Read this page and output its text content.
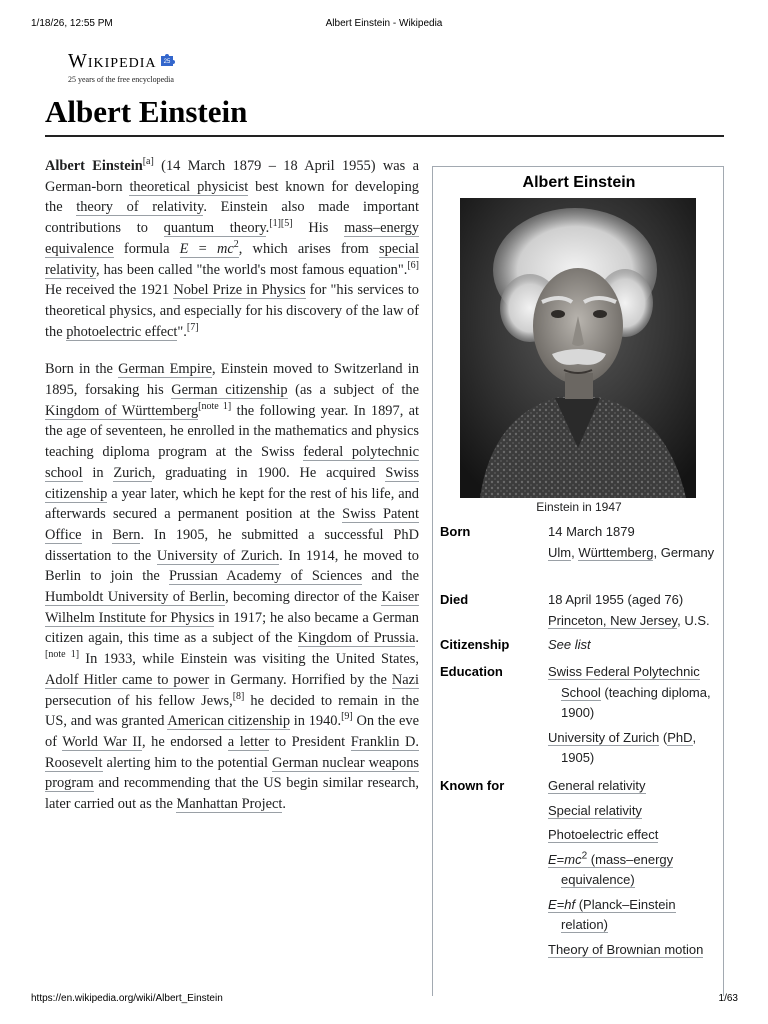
1/18/26, 12:55 PM	Albert Einstein - Wikipedia
Wikipedia 25
25 years of the free encyclopedia
Albert Einstein

Albert Einstein[a] (14 March 1879 – 18 April 1955) was a German-born theoretical physicist best known for developing the theory of relativity. Einstein also made important contributions to quantum theory.[1][5] His mass–energy equivalence formula $E = mc^2$, which arises from special relativity, has been called "the world's most famous equation".[6] He received the 1921 Nobel Prize in Physics for "his services to theoretical physics, and especially for his discovery of the law of the photoelectric effect".[7]

Born in the German Empire, Einstein moved to Switzerland in 1895, forsaking his German citizenship (as a subject of the Kingdom of Württemberg[note 1] the following year. In 1897, at the age of seventeen, he enrolled in the mathematics and physics teaching diploma program at the Swiss federal polytechnic school in Zurich, graduating in 1900. He acquired Swiss citizenship a year later, which he kept for the rest of his life, and afterwards secured a permanent position at the Swiss Patent Office in Bern. In 1905, he submitted a successful PhD dissertation to the University of Zurich. In 1914, he moved to Berlin to join the Prussian Academy of Sciences and the Humboldt University of Berlin, becoming director of the Kaiser Wilhelm Institute for Physics in 1917; he also became a German citizen again, this time as a subject of the Kingdom of Prussia.[note 1] In 1933, while Einstein was visiting the United States, Adolf Hitler came to power in Germany. Horrified by the Nazi persecution of his fellow Jews,[8] he decided to remain in the US, and was granted American citizenship in 1940.[9] On the eve of World War II, he endorsed a letter to President Franklin D. Roosevelt alerting him to the potential German nuclear weapons program and recommending that the US begin similar research, later carried out as the Manhattan Project.

Albert Einstein
Einstein in 1947
Born	14 March 1879
Ulm, Württemberg, Germany
Died	18 April 1955 (aged 76)
Princeton, New Jersey, U.S.
Citizenship	See list
Education	Swiss Federal Polytechnic School (teaching diploma, 1900)
University of Zurich (PhD, 1905)
Known for	General relativity
Special relativity
Photoelectric effect
$E=mc^2$ (mass–energy equivalence)
E=hf (Planck–Einstein relation)
Theory of Brownian motion
https://en.wikipedia.org/wiki/Albert_Einstein	1/63
